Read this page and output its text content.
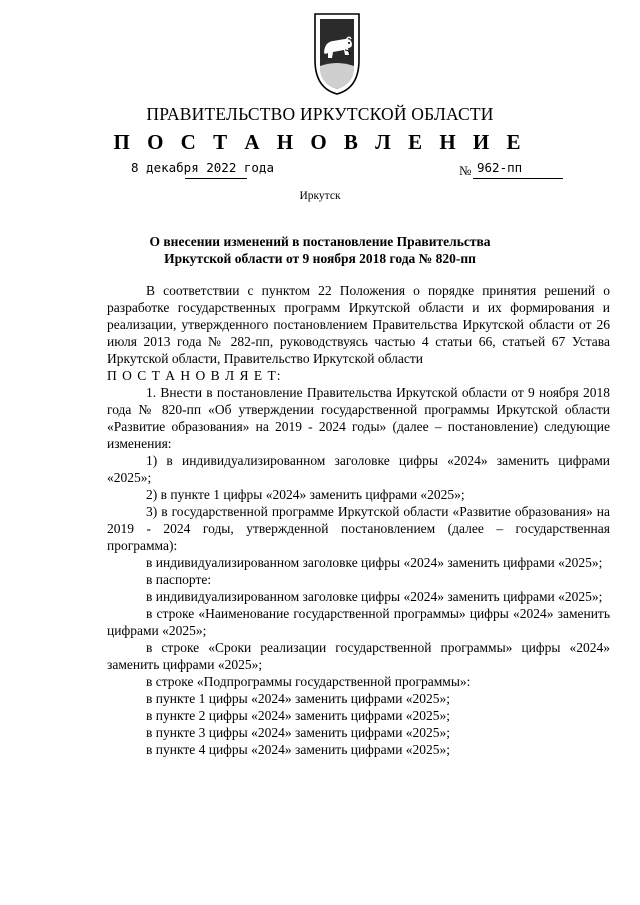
ПРАВИТЕЛЬСТВО ИРКУТСКОЙ ОБЛАСТИ
П О С Т А Н О В Л Е Н И Е
8 декабря 2022 года	№ 962-пп
Иркутск
О внесении изменений в постановление Правительства
Иркутской области от 9 ноября 2018 года № 820-пп

В соответствии с пунктом 22 Положения о порядке принятия решений о разработке государственных программ Иркутской области и их формирования и реализации, утвержденного постановлением Правительства Иркутской области от 26 июля 2013 года № 282-пп, руководствуясь частью 4 статьи 66, статьей 67 Устава Иркутской области, Правительство Иркутской области

П О С Т А Н О В Л Я Е Т:

1. Внести в постановление Правительства Иркутской области от 9 ноября 2018 года № 820-пп «Об утверждении государственной программы Иркутской области «Развитие образования» на 2019 - 2024 годы» (далее – постановление) следующие изменения:

1) в индивидуализированном заголовке цифры «2024» заменить цифрами «2025»;

2) в пункте 1 цифры «2024» заменить цифрами «2025»;

3) в государственной программе Иркутской области «Развитие образования» на 2019 - 2024 годы, утвержденной постановлением (далее – государственная программа):

в индивидуализированном заголовке цифры «2024» заменить цифрами «2025»;

в паспорте:

в индивидуализированном заголовке цифры «2024» заменить цифрами «2025»;

в строке «Наименование государственной программы» цифры «2024» заменить цифрами «2025»;

в строке «Сроки реализации государственной программы» цифры «2024» заменить цифрами «2025»;

в строке «Подпрограммы государственной программы»:

в пункте 1 цифры «2024» заменить цифрами «2025»;

в пункте 2 цифры «2024» заменить цифрами «2025»;

в пункте 3 цифры «2024» заменить цифрами «2025»;

в пункте 4 цифры «2024» заменить цифрами «2025»;
